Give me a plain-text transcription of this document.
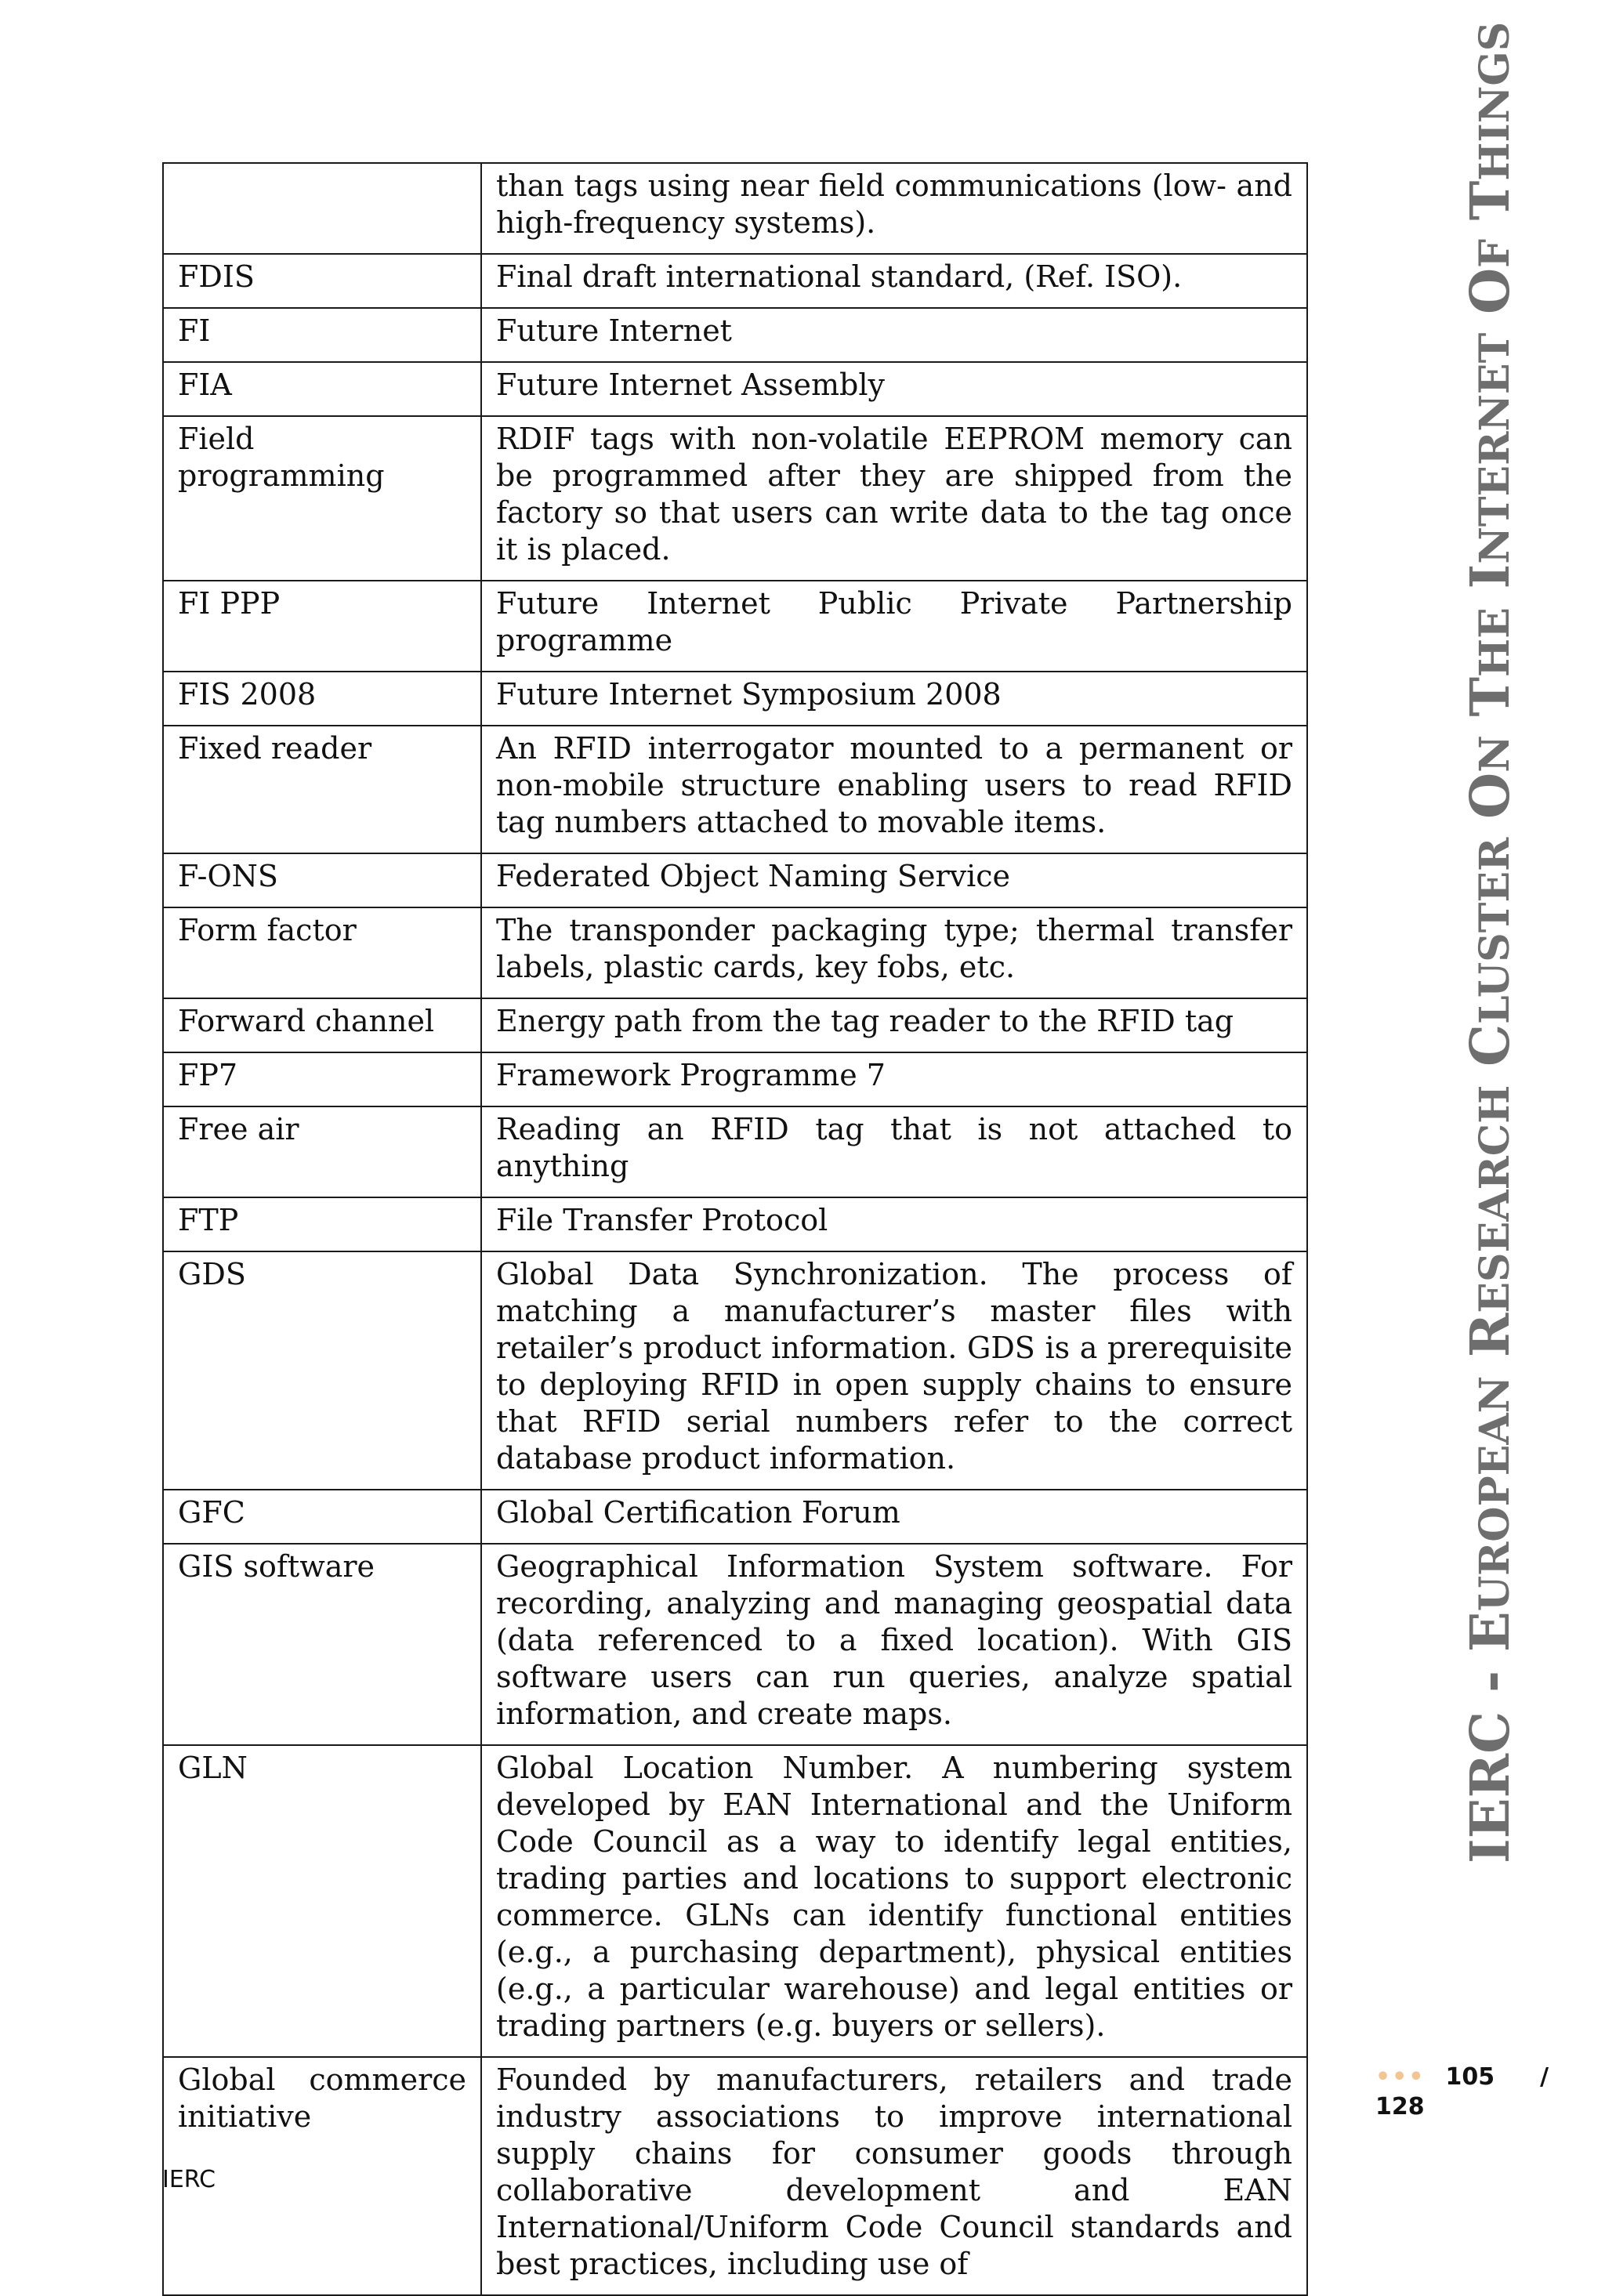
	than tags using near field communications (low- and high-frequency systems).
FDIS	Final draft international standard, (Ref. ISO).
FI	Future Internet
FIA	Future Internet Assembly
Field programming	RDIF tags with non-volatile EEPROM memory can be programmed after they are shipped from the factory so that users can write data to the tag once it is placed.
FI PPP	Future Internet Public Private Partnership programme
FIS 2008	Future Internet Symposium 2008
Fixed reader	An RFID interrogator mounted to a permanent or non-mobile structure enabling users to read RFID tag numbers attached to movable items.
F-ONS	Federated Object Naming Service
Form factor	The transponder packaging type; thermal transfer labels, plastic cards, key fobs, etc.
Forward channel	Energy path from the tag reader to the RFID tag
FP7	Framework Programme 7
Free air	Reading an RFID tag that is not attached to anything
FTP	File Transfer Protocol
GDS	Global Data Synchronization. The process of matching a manufacturer’s master files with retailer’s product information. GDS is a prerequisite to deploying RFID in open supply chains to ensure that RFID serial numbers refer to the correct database product information.
GFC	Global Certification Forum
GIS software	Geographical Information System software. For recording, analyzing and managing geospatial data (data referenced to a fixed location). With GIS software users can run queries, analyze spatial information, and create maps.
GLN	Global Location Number. A numbering system developed by EAN International and the Uniform Code Council as a way to identify legal entities, trading parties and locations to support electronic commerce. GLNs can identify functional entities (e.g., a purchasing department), physical entities (e.g., a particular warehouse) and legal entities or trading partners (e.g. buyers or sellers).
Global commerce initiative	Founded by manufacturers, retailers and trade industry associations to improve international supply chains for consumer goods through collaborative development and EAN International/Uniform Code Council standards and best practices, including use of
IERC - EUROPEAN RESEARCH CLUSTER ON THE INTERNET OF THINGS
••• 105 /
128
IERC
